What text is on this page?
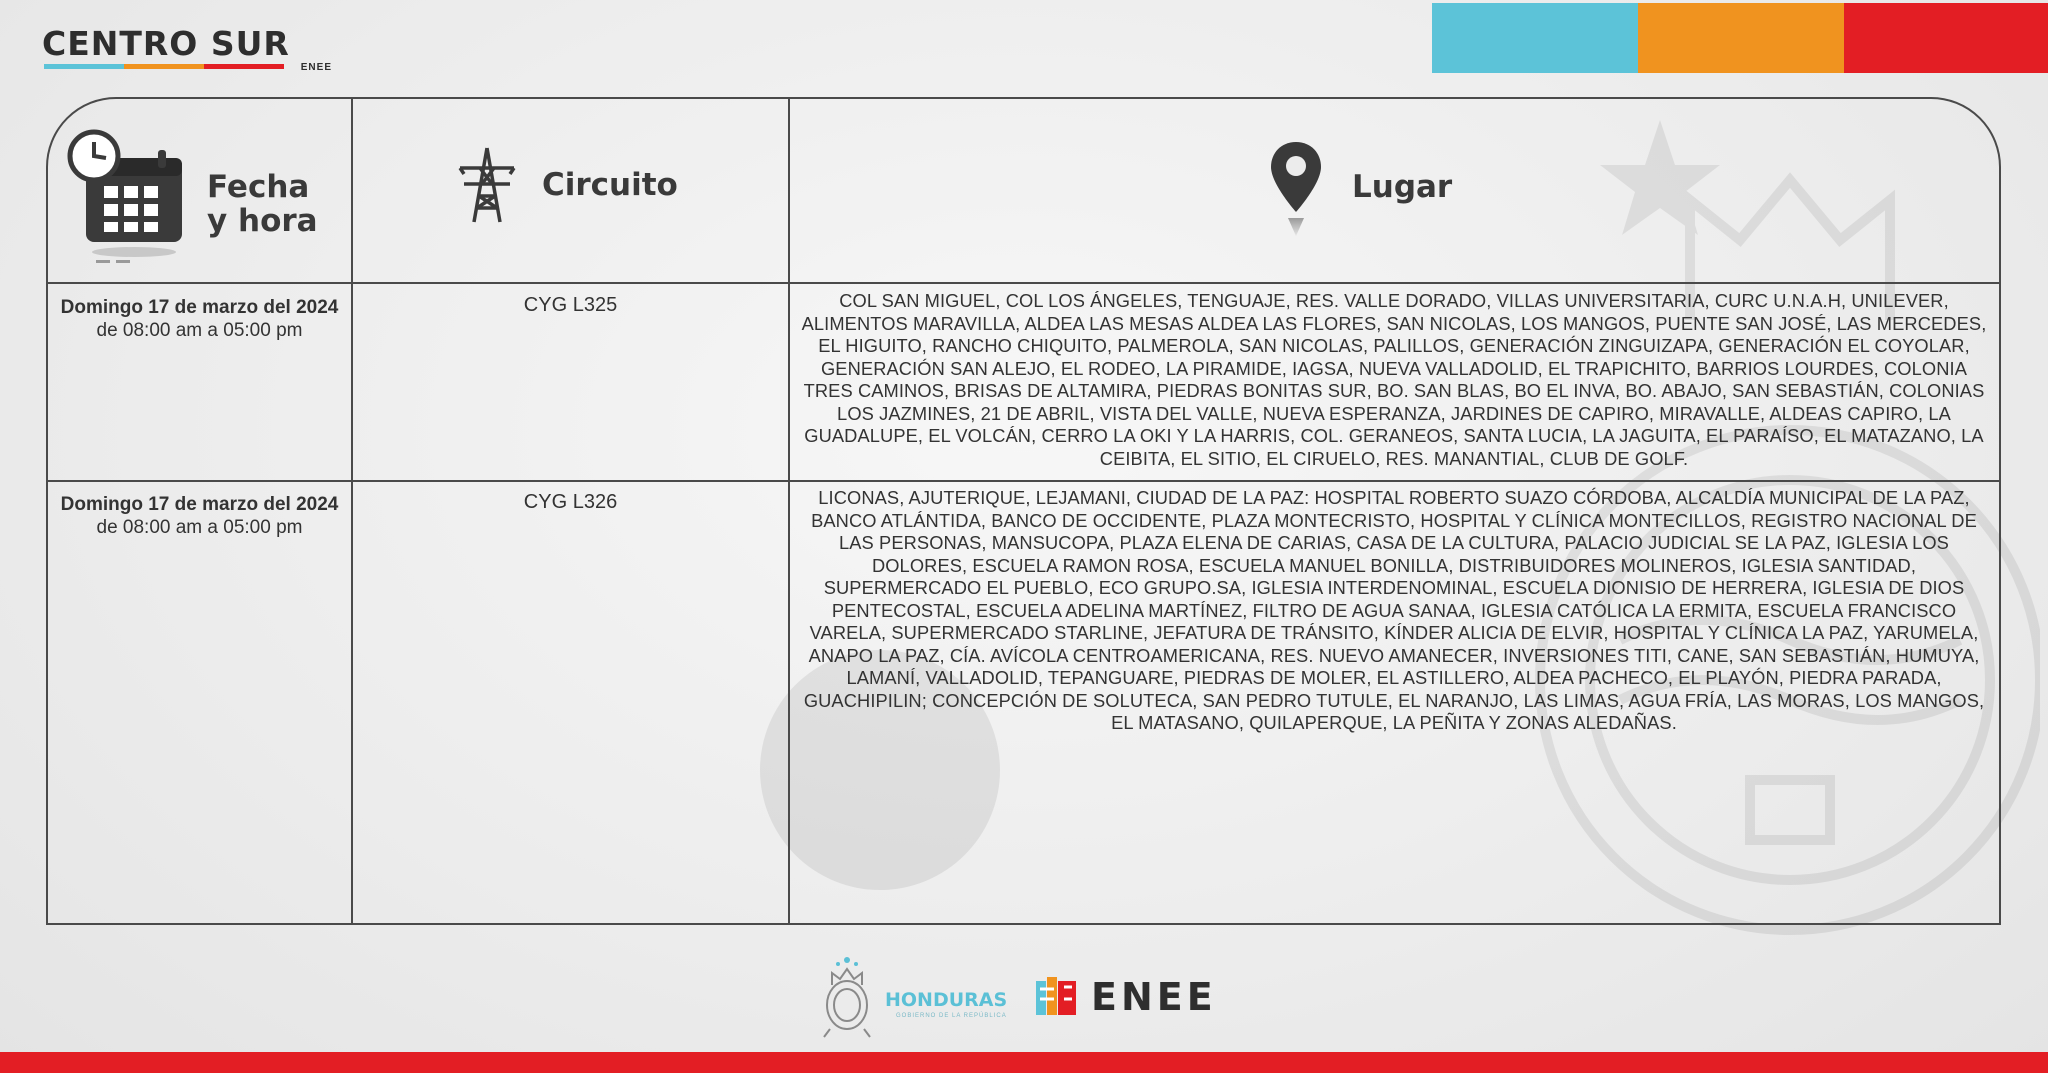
CENTRO SUR
ENEE
Fecha
y hora
Circuito	Lugar
Domingo 17 de marzo del 2024
de 08:00 am a 05:00 pm
CYG L325	COL SAN MIGUEL, COL LOS ÁNGELES, TENGUAJE, RES. VALLE DORADO, VILLAS UNIVERSITARIA, CURC U.N.A.H, UNILEVER, ALIMENTOS MARAVILLA, ALDEA LAS MESAS ALDEA LAS FLORES, SAN NICOLAS, LOS MANGOS, PUENTE SAN JOSÉ, LAS MERCEDES, EL HIGUITO, RANCHO CHIQUITO, PALMEROLA, SAN NICOLAS, PALILLOS, GENERACIÓN ZINGUIZAPA, GENERACIÓN EL COYOLAR, GENERACIÓN SAN ALEJO, EL RODEO, LA PIRAMIDE, IAGSA, NUEVA VALLADOLID, EL TRAPICHITO, BARRIOS LOURDES, COLONIA TRES CAMINOS, BRISAS DE ALTAMIRA, PIEDRAS BONITAS SUR, BO. SAN BLAS, BO EL INVA, BO. ABAJO, SAN SEBASTIÁN, COLONIAS LOS JAZMINES, 21 DE ABRIL, VISTA DEL VALLE, NUEVA ESPERANZA, JARDINES DE CAPIRO, MIRAVALLE, ALDEAS CAPIRO, LA GUADALUPE, EL VOLCÁN, CERRO LA OKI Y LA HARRIS, COL. GERANEOS, SANTA LUCIA, LA JAGUITA, EL PARAÍSO, EL MATAZANO, LA CEIBITA, EL SITIO, EL CIRUELO, RES. MANANTIAL, CLUB DE GOLF.
Domingo 17 de marzo del 2024
de 08:00 am a 05:00 pm
CYG L326	LICONAS, AJUTERIQUE, LEJAMANI, CIUDAD DE LA PAZ: HOSPITAL ROBERTO SUAZO CÓRDOBA, ALCALDÍA MUNICIPAL DE LA PAZ, BANCO ATLÁNTIDA, BANCO DE OCCIDENTE, PLAZA MONTECRISTO, HOSPITAL Y CLÍNICA MONTECILLOS, REGISTRO NACIONAL DE LAS PERSONAS, MANSUCOPA, PLAZA ELENA DE CARIAS, CASA DE LA CULTURA, PALACIO JUDICIAL SE LA PAZ, IGLESIA LOS DOLORES, ESCUELA RAMON ROSA, ESCUELA MANUEL BONILLA, DISTRIBUIDORES MOLINEROS, IGLESIA SANTIDAD, SUPERMERCADO EL PUEBLO, ECO GRUPO.SA, IGLESIA INTERDENOMINAL, ESCUELA DIONISIO DE HERRERA, IGLESIA DE DIOS PENTECOSTAL, ESCUELA ADELINA MARTÍNEZ, FILTRO DE AGUA SANAA, IGLESIA CATÓLICA LA ERMITA, ESCUELA FRANCISCO VARELA, SUPERMERCADO STARLINE, JEFATURA DE TRÁNSITO, KÍNDER ALICIA DE ELVIR, HOSPITAL Y CLÍNICA LA PAZ, YARUMELA, ANAPO LA PAZ, CÍA. AVÍCOLA CENTROAMERICANA, RES. NUEVO AMANECER, INVERSIONES TITI, CANE, SAN SEBASTIÁN, HUMUYA, LAMANÍ, VALLADOLID, TEPANGUARE, PIEDRAS DE MOLER, EL ASTILLERO, ALDEA PACHECO, EL PLAYÓN, PIEDRA PARADA, GUACHIPILIN; CONCEPCIÓN DE SOLUTECA, SAN PEDRO TUTULE, EL NARANJO, LAS LIMAS, AGUA FRÍA, LAS MORAS, LOS MANGOS, EL MATASANO, QUILAPERQUE, LA PEÑITA Y ZONAS ALEDAÑAS.
HONDURAS
GOBIERNO DE LA REPÚBLICA ENEE
